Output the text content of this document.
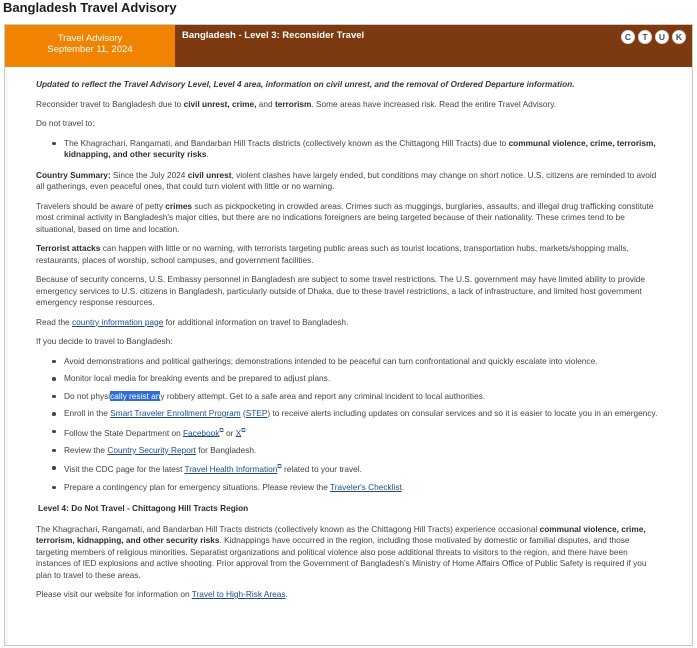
Bangladesh Travel Advisory
Travel Advisory
September 11, 2024
Bangladesh - Level 3: Reconsider Travel	C	T	U	K

Updated to reflect the Travel Advisory Level, Level 4 area, information on civil unrest, and the removal of Ordered Departure information.

Reconsider travel to Bangladesh due to civil unrest, crime, and terrorism. Some areas have increased risk. Read the entire Travel Advisory.

Do not travel to:

The Khagrachari, Rangamati, and Bandarban Hill Tracts districts (collectively known as the Chittagong Hill Tracts) due to communal violence, crime, terrorism, kidnapping, and other security risks.

Country Summary: Since the July 2024 civil unrest, violent clashes have largely ended, but conditions may change on short notice. U.S. citizens are reminded to avoid all gatherings, even peaceful ones, that could turn violent with little or no warning.

Travelers should be aware of petty crimes such as pickpocketing in crowded areas. Crimes such as muggings, burglaries, assaults, and illegal drug trafficking constitute most criminal activity in Bangladesh's major cities, but there are no indications foreigners are being targeted because of their nationality. These crimes tend to be situational, based on time and location.

Terrorist attacks can happen with little or no warning, with terrorists targeting public areas such as tourist locations, transportation hubs, markets/shopping malls, restaurants, places of worship, school campuses, and government facilities.

Because of security concerns, U.S. Embassy personnel in Bangladesh are subject to some travel restrictions. The U.S. government may have limited ability to provide emergency services to U.S. citizens in Bangladesh, particularly outside of Dhaka, due to these travel restrictions, a lack of infrastructure, and limited host government emergency response resources.

Read the country information page for additional information on travel to Bangladesh.

If you decide to travel to Bangladesh:

Avoid demonstrations and political gatherings; demonstrations intended to be peaceful can turn confrontational and quickly escalate into violence.
Monitor local media for breaking events and be prepared to adjust plans.
Do not physically resist any robbery attempt. Get to a safe area and report any criminal incident to local authorities.
Enroll in the Smart Traveler Enrollment Program (STEP) to receive alerts including updates on consular services and so it is easier to locate you in an emergency.
Follow the State Department on Facebook⧉ or X⧉
Review the Country Security Report for Bangladesh.
Visit the CDC page for the latest Travel Health Information⧉ related to your travel.
Prepare a contingency plan for emergency situations. Please review the Traveler's Checklist.
Level 4: Do Not Travel - Chittagong Hill Tracts Region

The Khagrachari, Rangamati, and Bandarban Hill Tracts districts (collectively known as the Chittagong Hill Tracts) experience occasional communal violence, crime, terrorism, kidnapping, and other security risks. Kidnappings have occurred in the region, including those motivated by domestic or familial disputes, and those targeting members of religious minorities. Separatist organizations and political violence also pose additional threats to visitors to the region, and there have been instances of IED explosions and active shooting. Prior approval from the Government of Bangladesh's Ministry of Home Affairs Office of Public Safety is required if you plan to travel to these areas.

Please visit our website for information on Travel to High-Risk Areas.
